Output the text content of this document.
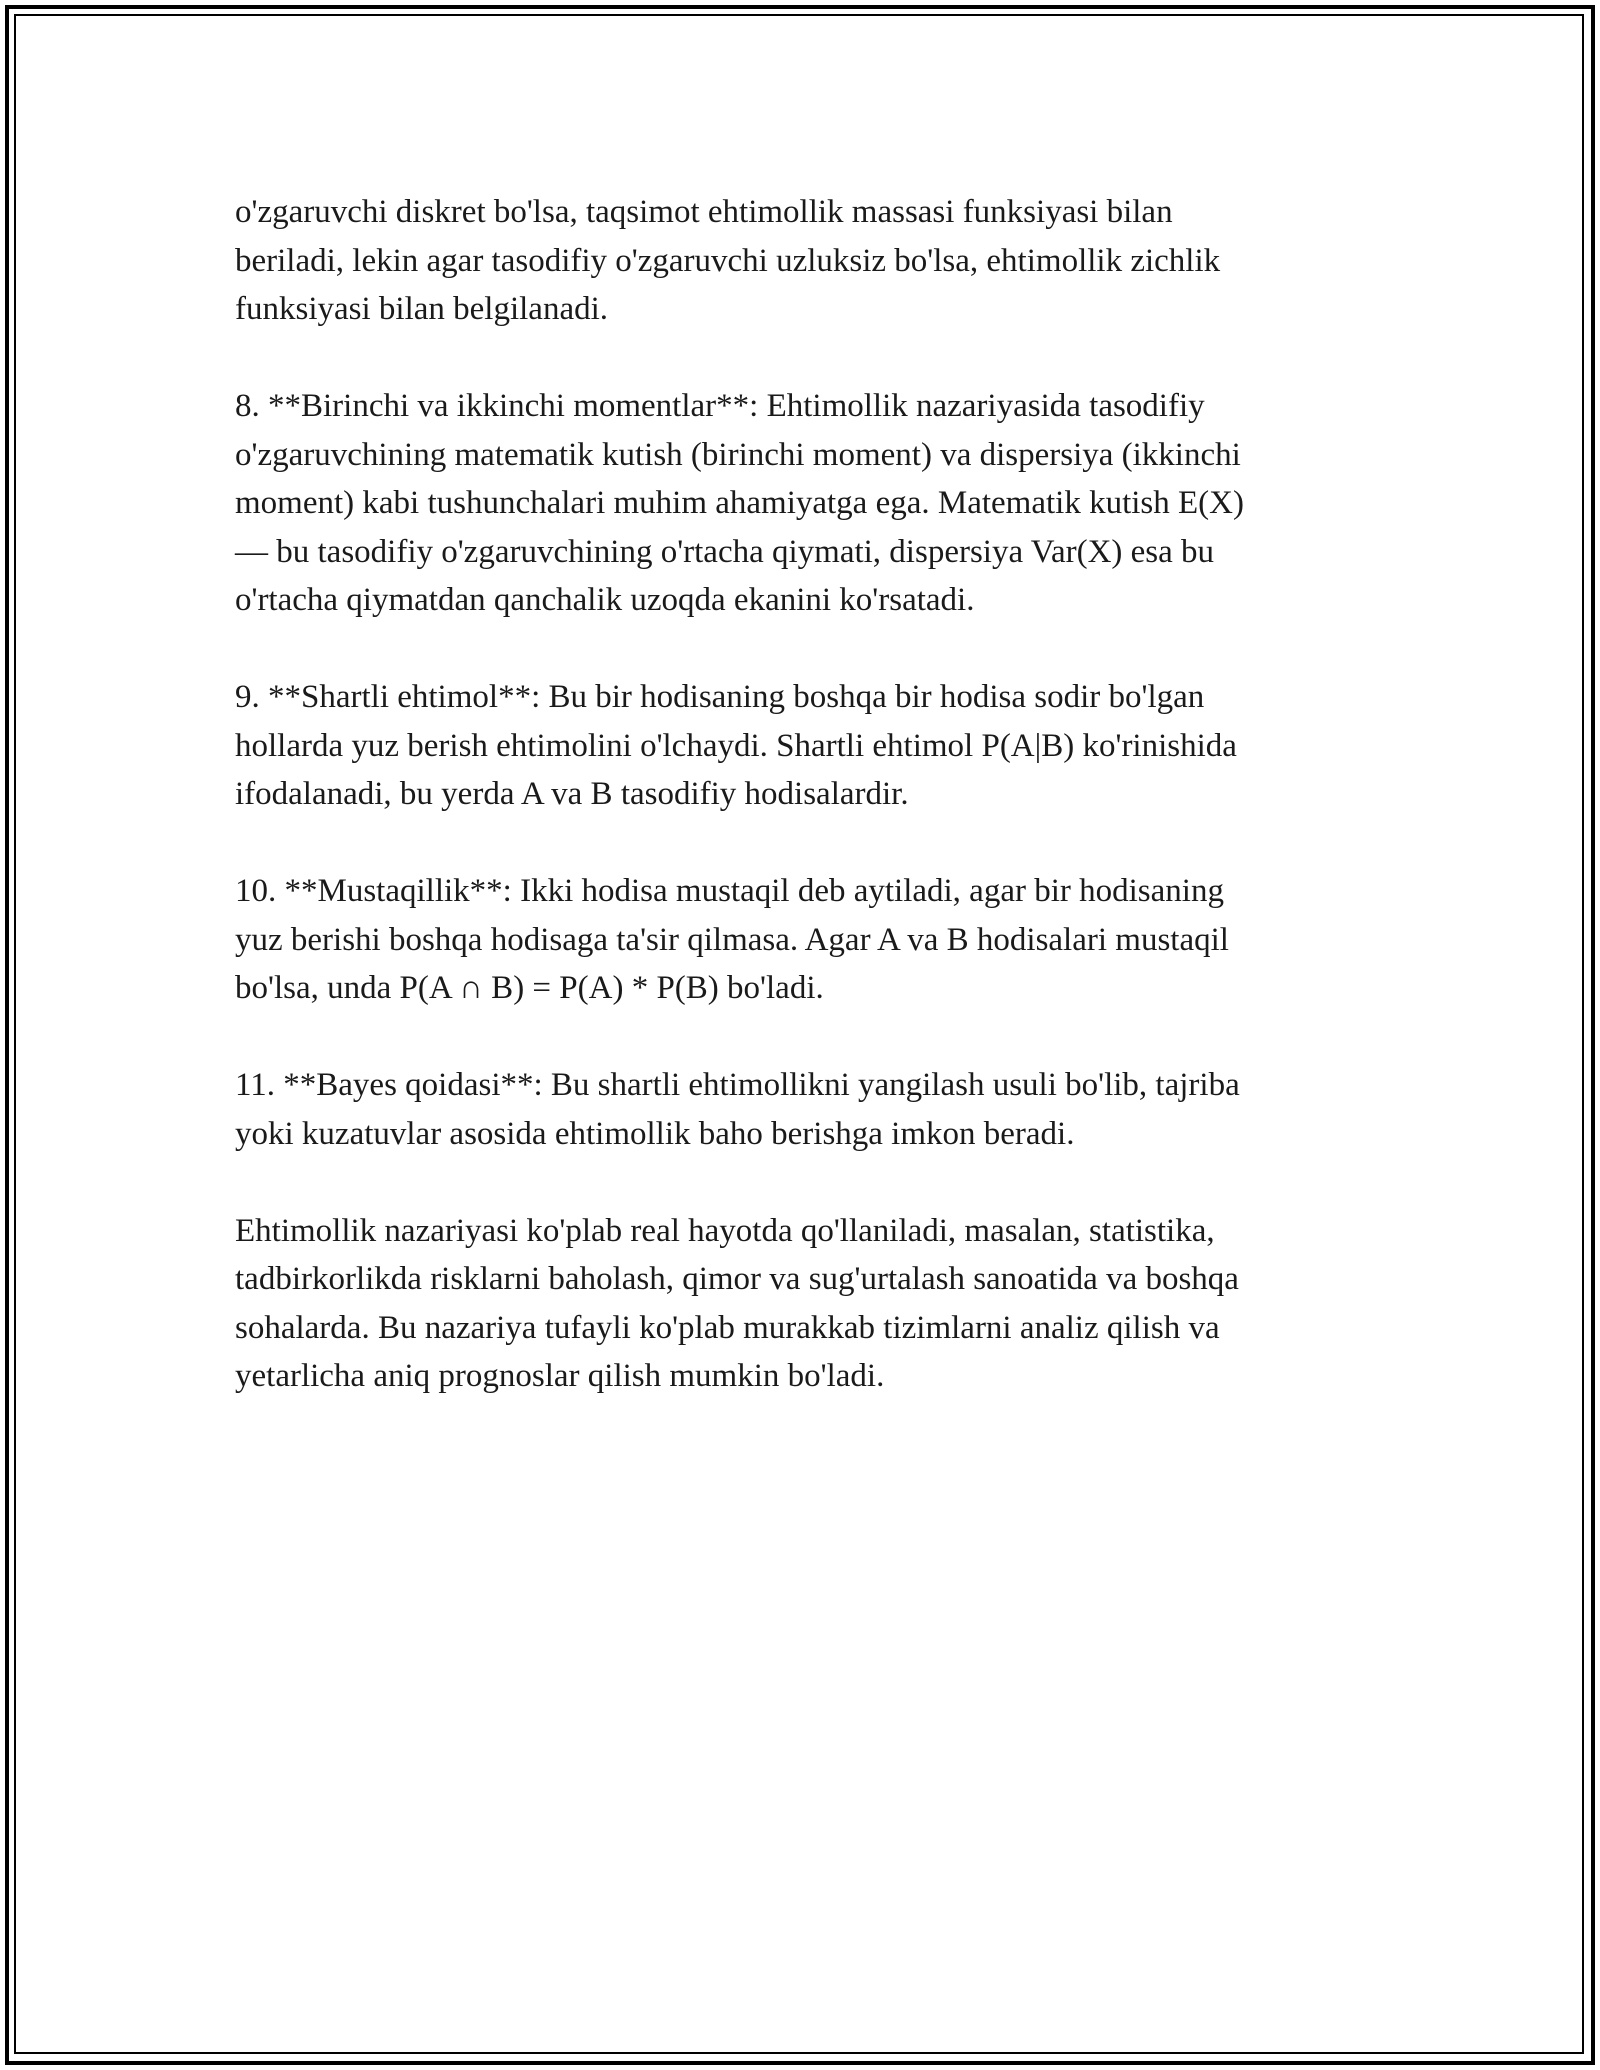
o'zgaruvchi diskret bo'lsa, taqsimot ehtimollik massasi funksiyasi bilan
beriladi, lekin agar tasodifiy o'zgaruvchi uzluksiz bo'lsa, ehtimollik zichlik
funksiyasi bilan belgilanadi.

8. **Birinchi va ikkinchi momentlar**: Ehtimollik nazariyasida tasodifiy
o'zgaruvchining matematik kutish (birinchi moment) va dispersiya (ikkinchi
moment) kabi tushunchalari muhim ahamiyatga ega. Matematik kutish E(X)
— bu tasodifiy o'zgaruvchining o'rtacha qiymati, dispersiya Var(X) esa bu
o'rtacha qiymatdan qanchalik uzoqda ekanini ko'rsatadi.

9. **Shartli ehtimol**: Bu bir hodisaning boshqa bir hodisa sodir bo'lgan
hollarda yuz berish ehtimolini o'lchaydi. Shartli ehtimol P(A|B) ko'rinishida
ifodalanadi, bu yerda A va B tasodifiy hodisalardir.

10. **Mustaqillik**: Ikki hodisa mustaqil deb aytiladi, agar bir hodisaning
yuz berishi boshqa hodisaga ta'sir qilmasa. Agar A va B hodisalari mustaqil
bo'lsa, unda P(A ∩ B) = P(A) * P(B) bo'ladi.

11. **Bayes qoidasi**: Bu shartli ehtimollikni yangilash usuli bo'lib, tajriba
yoki kuzatuvlar asosida ehtimollik baho berishga imkon beradi.

Ehtimollik nazariyasi ko'plab real hayotda qo'llaniladi, masalan, statistika,
tadbirkorlikda risklarni baholash, qimor va sug'urtalash sanoatida va boshqa
sohalarda. Bu nazariya tufayli ko'plab murakkab tizimlarni analiz qilish va
yetarlicha aniq prognoslar qilish mumkin bo'ladi.
